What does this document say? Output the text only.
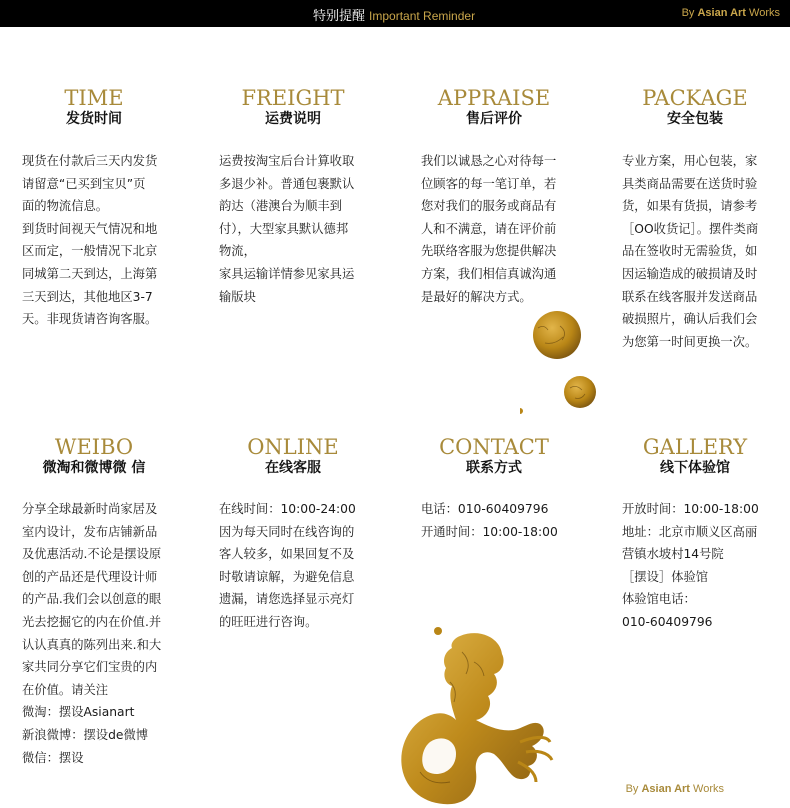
特别提醒 Important Reminder	By Asian Art Works
TIME
发货时间

现货在付款后三天内发货

请留意“已买到宝贝”页

面的物流信息。

到货时间视天气情况和地

区而定，一般情况下北京

同城第二天到达，上海第

三天到达，其他地区3-7

天。非现货请咨询客服。

FREIGHT
运费说明

运费按淘宝后台计算收取

多退少补。普通包裹默认

韵达（港澳台为顺丰到

付），大型家具默认德邦

物流，

家具运输详情参见家具运

输版块

APPRAISE
售后评价

我们以诚恳之心对待每一

位顾客的每一笔订单，若

您对我们的服务或商品有

人和不满意，请在评价前

先联络客服为您提供解决

方案，我们相信真诚沟通

是最好的解决方式。

PACKAGE
安全包装

专业方案，用心包装，家

具类商品需要在送货时验

货，如果有货损，请参考

［OO收货记］。摆件类商

品在签收时无需验货，如

因运输造成的破损请及时

联系在线客服并发送商品

破损照片，确认后我们会

为您第一时间更换一次。

WEIBO
微淘和微博微 信

分享全球最新时尚家居及

室内设计，发布店铺新品

及优惠活动.不论是摆设原

创的产品还是代理设计师

的产品.我们会以创意的眼

光去挖掘它的内在价值.并

认认真真的陈列出来.和大

家共同分享它们宝贵的内

在价值。请关注

微淘：摆设Asianart

新浪微博：摆设de微博

微信：摆设

ONLINE
在线客服

在线时间：10:00-24:00

因为每天同时在线咨询的

客人较多，如果回复不及

时敬请谅解，为避免信息

遗漏，请您选择显示亮灯

的旺旺进行咨询。

CONTACT
联系方式

电话：010-60409796

开通时间：10:00-18:00

GALLERY
线下体验馆

开放时间：10:00-18:00

地址：北京市顺义区高丽

营镇水坡村14号院

［摆设］体验馆

体验馆电话：

010-60409796

By Asian Art Works
